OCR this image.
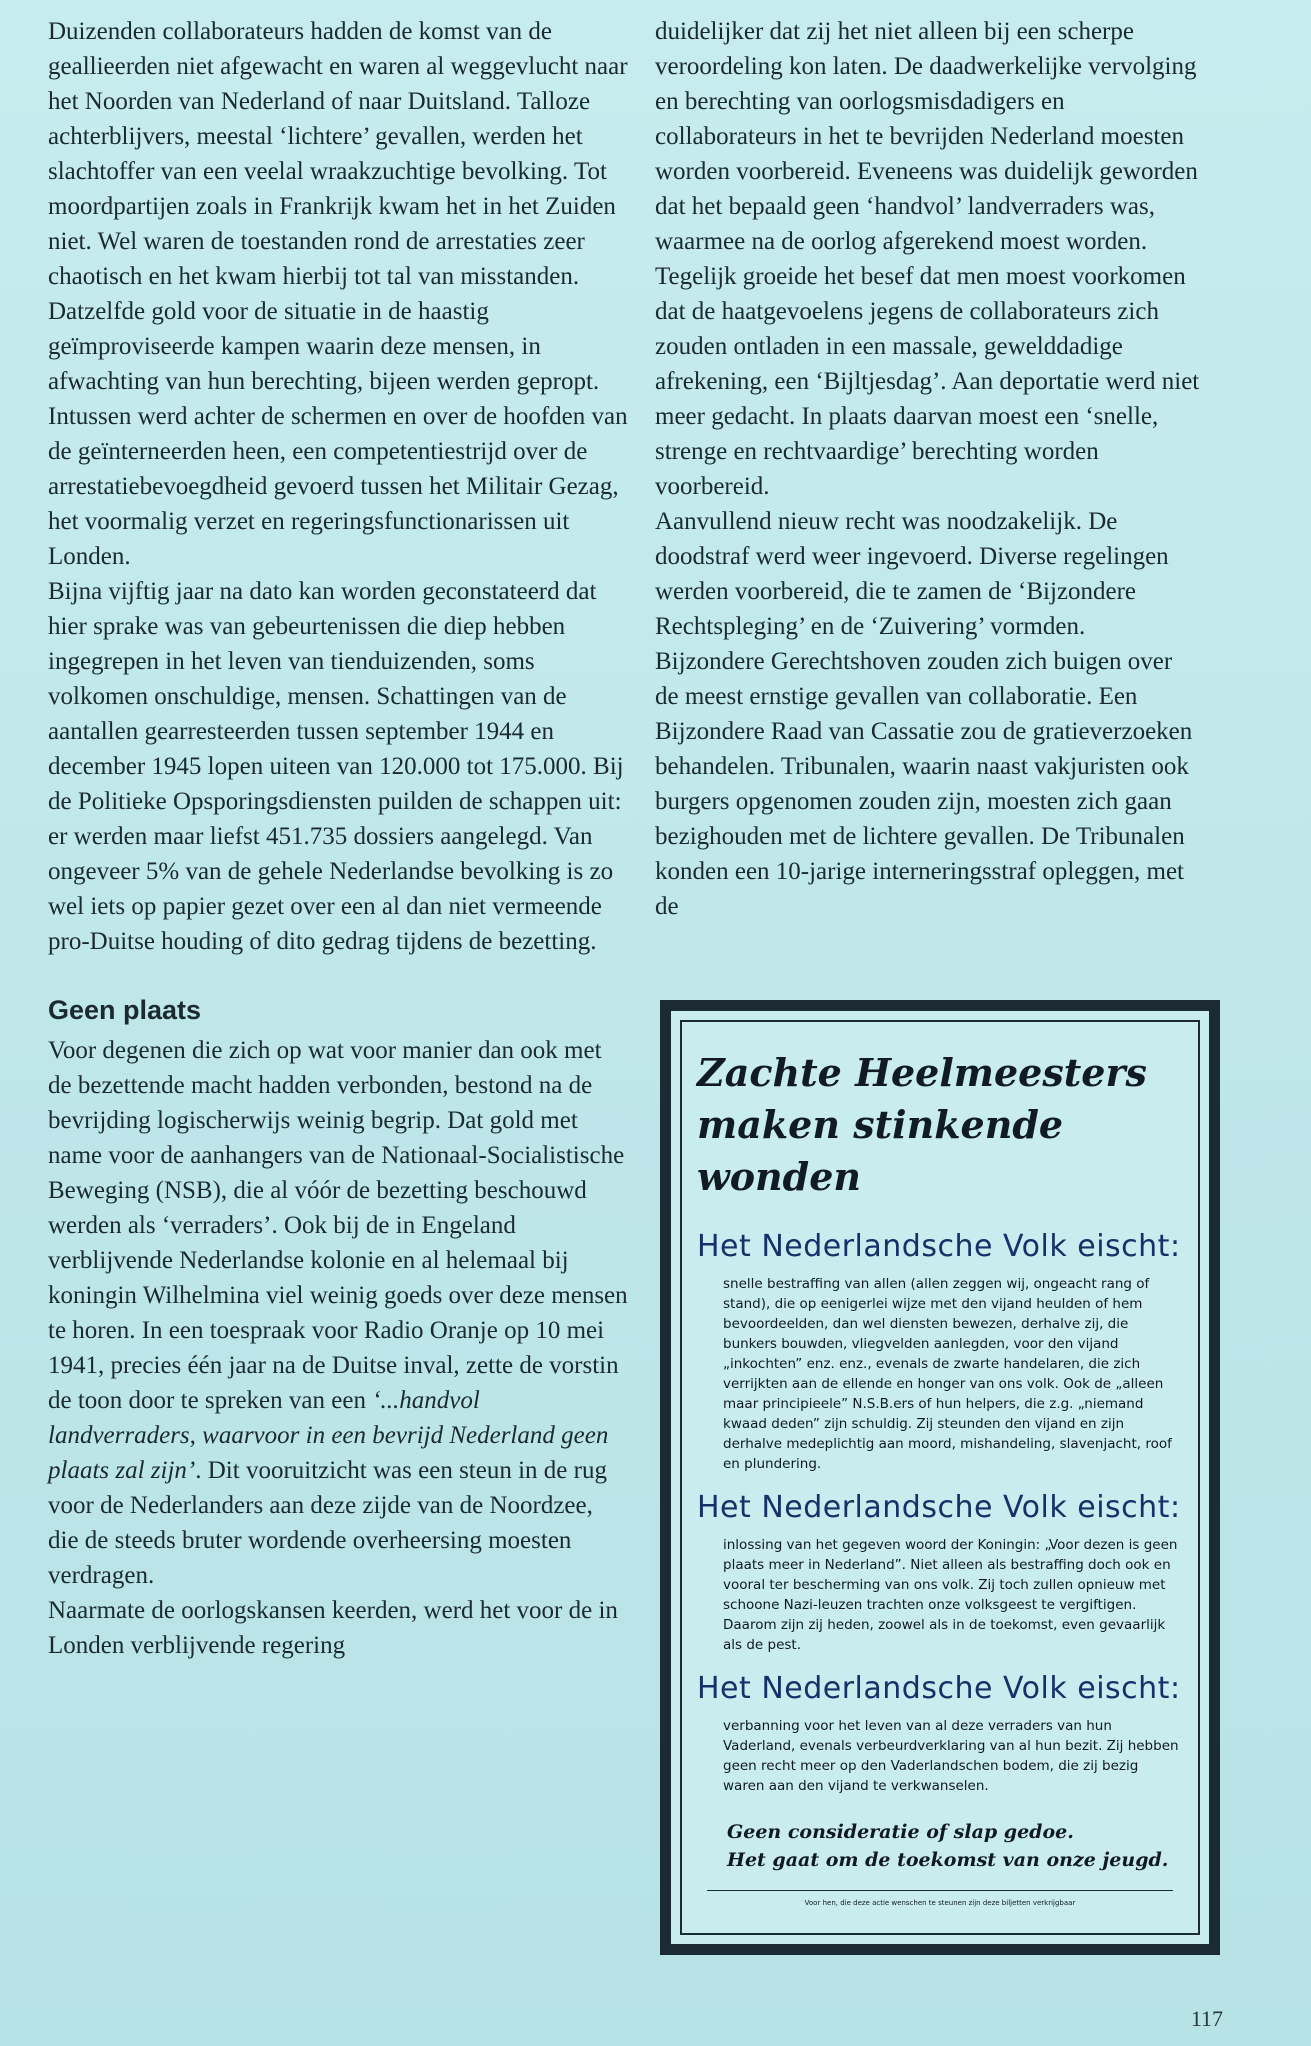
Duizenden collaborateurs hadden de komst van de geallieerden niet afgewacht en waren al weggevlucht naar het Noorden van Nederland of naar Duitsland. Talloze achterblijvers, meestal ‘lichtere’ gevallen, werden het slachtoffer van een veelal wraakzuchtige bevolking. Tot moordpartijen zoals in Frankrijk kwam het in het Zuiden niet. Wel waren de toestanden rond de arrestaties zeer chaotisch en het kwam hierbij tot tal van misstanden. Datzelfde gold voor de situatie in de haastig geïmproviseerde kampen waarin deze mensen, in afwachting van hun berechting, bijeen werden gepropt. Intussen werd achter de schermen en over de hoofden van de geïnterneerden heen, een competentiestrijd over de arrestatiebevoegdheid gevoerd tussen het Militair Gezag, het voormalig verzet en regeringsfunctionarissen uit Londen.

Bijna vijftig jaar na dato kan worden geconstateerd dat hier sprake was van gebeurtenissen die diep hebben ingegrepen in het leven van tienduizenden, soms volkomen onschuldige, mensen. Schattingen van de aantallen gearresteerden tussen september 1944 en december 1945 lopen uiteen van 120.000 tot 175.000. Bij de Politieke Opsporingsdiensten puilden de schappen uit: er werden maar liefst 451.735 dossiers aangelegd. Van ongeveer 5% van de gehele Nederlandse bevolking is zo wel iets op papier gezet over een al dan niet vermeende pro-Duitse houding of dito gedrag tijdens de bezetting.

Geen plaats

Voor degenen die zich op wat voor manier dan ook met de bezettende macht hadden verbonden, bestond na de bevrijding logischerwijs weinig begrip. Dat gold met name voor de aanhangers van de Nationaal-Socialistische Beweging (NSB), die al vóór de bezetting beschouwd werden als ‘verraders’. Ook bij de in Engeland verblijvende Nederlandse kolonie en al helemaal bij koningin Wilhelmina viel weinig goeds over deze mensen te horen. In een toespraak voor Radio Oranje op 10 mei 1941, precies één jaar na de Duitse inval, zette de vorstin de toon door te spreken van een ‘...handvol landverraders, waarvoor in een bevrijd Nederland geen plaats zal zijn’. Dit vooruitzicht was een steun in de rug voor de Nederlanders aan deze zijde van de Noordzee, die de steeds bruter wordende overheersing moesten verdragen.

Naarmate de oorlogskansen keerden, werd het voor de in Londen verblijvende regering

duidelijker dat zij het niet alleen bij een scherpe veroordeling kon laten. De daadwerkelijke vervolging en berechting van oorlogsmisdadigers en collaborateurs in het te bevrijden Nederland moesten worden voorbereid. Eveneens was duidelijk geworden dat het bepaald geen ‘handvol’ landverraders was, waarmee na de oorlog afgerekend moest worden. Tegelijk groeide het besef dat men moest voorkomen dat de haatgevoelens jegens de collaborateurs zich zouden ontladen in een massale, gewelddadige afrekening, een ‘Bijltjesdag’. Aan deportatie werd niet meer gedacht. In plaats daarvan moest een ‘snelle, strenge en rechtvaardige’ berechting worden voorbereid.

Aanvullend nieuw recht was noodzakelijk. De doodstraf werd weer ingevoerd. Diverse regelingen werden voorbereid, die te zamen de ‘Bijzondere Rechtspleging’ en de ‘Zuivering’ vormden. Bijzondere Gerechtshoven zouden zich buigen over de meest ernstige gevallen van collaboratie. Een Bijzondere Raad van Cassatie zou de gratieverzoeken behandelen. Tribunalen, waarin naast vakjuristen ook burgers opgenomen zouden zijn, moesten zich gaan bezighouden met de lichtere gevallen. De Tribunalen konden een 10-jarige interneringsstraf opleggen, met de

Zachte Heelmeesters
maken stinkende wonden
Het Nederlandsche Volk eischt:

snelle bestraffing van allen (allen zeggen wij, ongeacht rang of stand), die op eenigerlei wijze met den vijand heulden of hem bevoordeelden, dan wel diensten bewezen, derhalve zij, die bunkers bouwden, vliegvelden aanlegden, voor den vijand „inkochten” enz. enz., evenals de zwarte handelaren, die zich verrijkten aan de ellende en honger van ons volk. Ook de „alleen maar principieele” N.S.B.ers of hun helpers, die z.g. „niemand kwaad deden” zijn schuldig. Zij steunden den vijand en zijn derhalve medeplichtig aan moord, mishandeling, slavenjacht, roof en plundering.

Het Nederlandsche Volk eischt:

inlossing van het gegeven woord der Koningin: „Voor dezen is geen plaats meer in Nederland”. Niet alleen als bestraffing doch ook en vooral ter bescherming van ons volk. Zij toch zullen opnieuw met schoone Nazi-leuzen trachten onze volksgeest te vergiftigen. Daarom zijn zij heden, zoowel als in de toekomst, even gevaarlijk als de pest.

Het Nederlandsche Volk eischt:

verbanning voor het leven van al deze verraders van hun Vaderland, evenals verbeurdverklaring van al hun bezit. Zij hebben geen recht meer op den Vaderlandschen bodem, die zij bezig waren aan den vijand te verkwanselen.

Geen consideratie of slap gedoe.
Het gaat om de toekomst van onze jeugd.
Voor hen, die deze actie wenschen te steunen zijn deze biljetten verkrijgbaar
117
